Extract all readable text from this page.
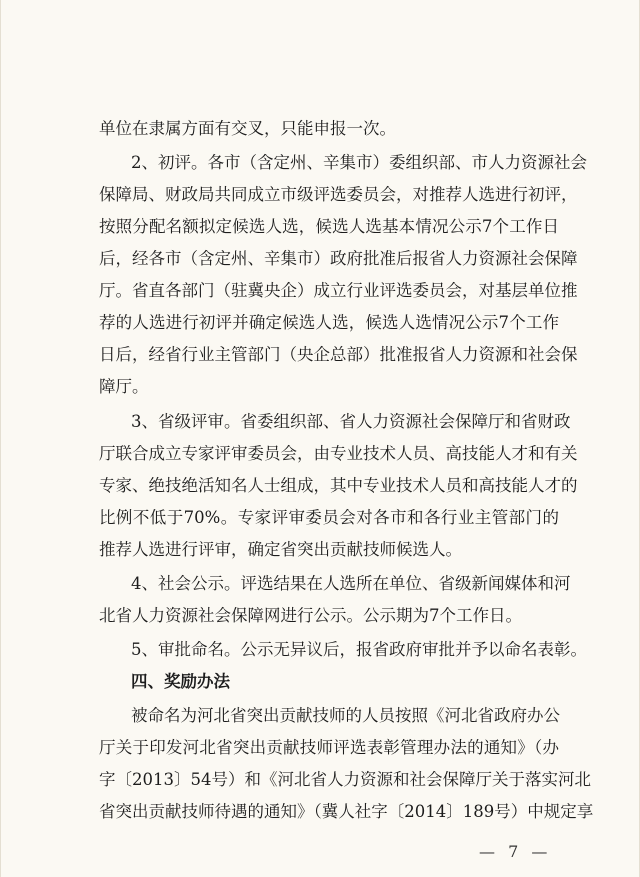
单位在隶属方面有交叉，只能申报一次。
2、初评。各市（含定州、辛集市）委组织部、市人力资源社会
保障局、财政局共同成立市级评选委员会，对推荐人选进行初评，
按照分配名额拟定候选人选，候选人选基本情况公示7个工作日
后，经各市（含定州、辛集市）政府批准后报省人力资源社会保障
厅。省直各部门（驻冀央企）成立行业评选委员会，对基层单位推
荐的人选进行初评并确定候选人选，候选人选情况公示7个工作
日后，经省行业主管部门（央企总部）批准报省人力资源和社会保
障厅。
3、省级评审。省委组织部、省人力资源社会保障厅和省财政
厅联合成立专家评审委员会，由专业技术人员、高技能人才和有关
专家、绝技绝活知名人士组成，其中专业技术人员和高技能人才的
比例不低于70%。专家评审委员会对各市和各行业主管部门的
推荐人选进行评审，确定省突出贡献技师候选人。
4、社会公示。评选结果在人选所在单位、省级新闻媒体和河
北省人力资源社会保障网进行公示。公示期为7个工作日。
5、审批命名。公示无异议后，报省政府审批并予以命名表彰。
四、奖励办法
被命名为河北省突出贡献技师的人员按照《河北省政府办公
厅关于印发河北省突出贡献技师评选表彰管理办法的通知》（办
字〔2013〕54号）和《河北省人力资源和社会保障厅关于落实河北
省突出贡献技师待遇的通知》（冀人社字〔2014〕189号）中规定享
— 7 —
